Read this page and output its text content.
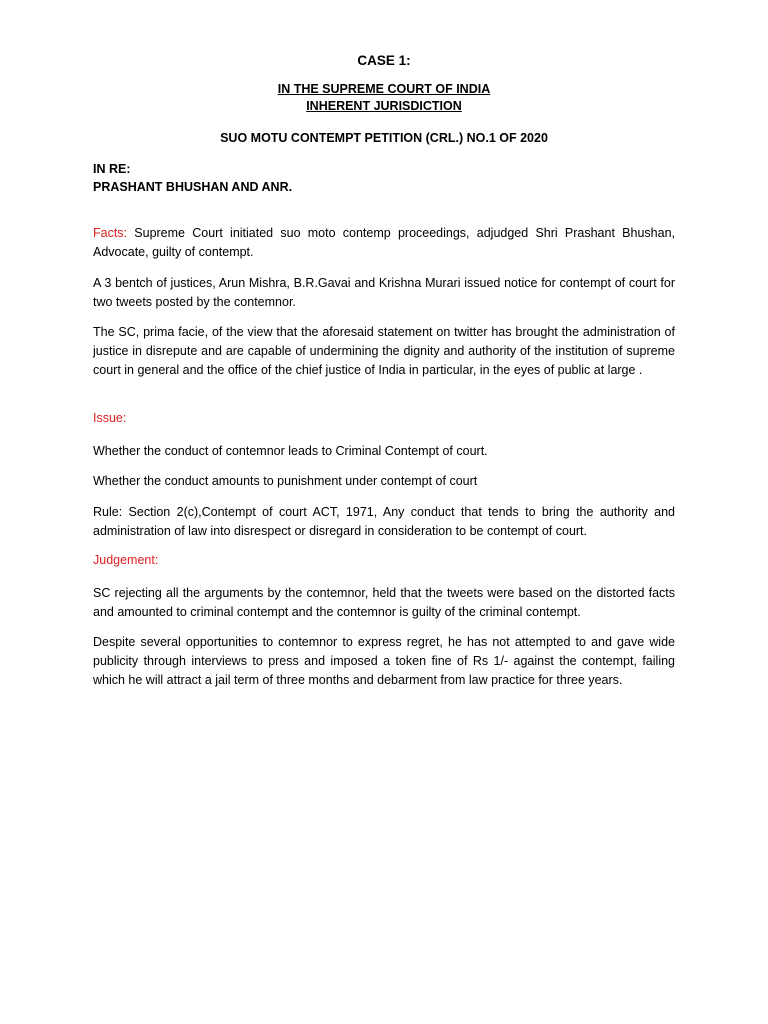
CASE 1:
IN THE SUPREME COURT OF INDIA
INHERENT JURISDICTION
SUO MOTU CONTEMPT PETITION (CRL.) NO.1 OF 2020
IN RE:
PRASHANT BHUSHAN AND ANR.

Facts: Supreme Court initiated suo moto contemp proceedings, adjudged Shri Prashant Bhushan, Advocate, guilty of contempt.

A 3 bentch of justices, Arun Mishra, B.R.Gavai and Krishna Murari issued notice for contempt of court for two tweets posted by the contemnor.

The SC, prima facie, of the view that the aforesaid statement on twitter has brought the administration of justice in disrepute and are capable of undermining the dignity and authority of the institution of supreme court in general and the office of the chief justice of India in particular, in the eyes of public at large .

Issue:

Whether the conduct of contemnor leads to Criminal Contempt of court.

Whether the conduct amounts to punishment under contempt of court

Rule: Section 2(c),Contempt of court ACT, 1971, Any conduct that tends to bring the authority and administration of law into disrespect or disregard in consideration to be contempt of court.

Judgement:

SC rejecting all the arguments by the contemnor, held that the tweets were based on the distorted facts and amounted to criminal contempt and the contemnor is guilty of the criminal contempt.

Despite several opportunities to contemnor to express regret, he has not attempted to and gave wide publicity through interviews to press and imposed a token fine of Rs 1/- against the contempt, failing which he will attract a jail term of three months and debarment from law practice for three years.
